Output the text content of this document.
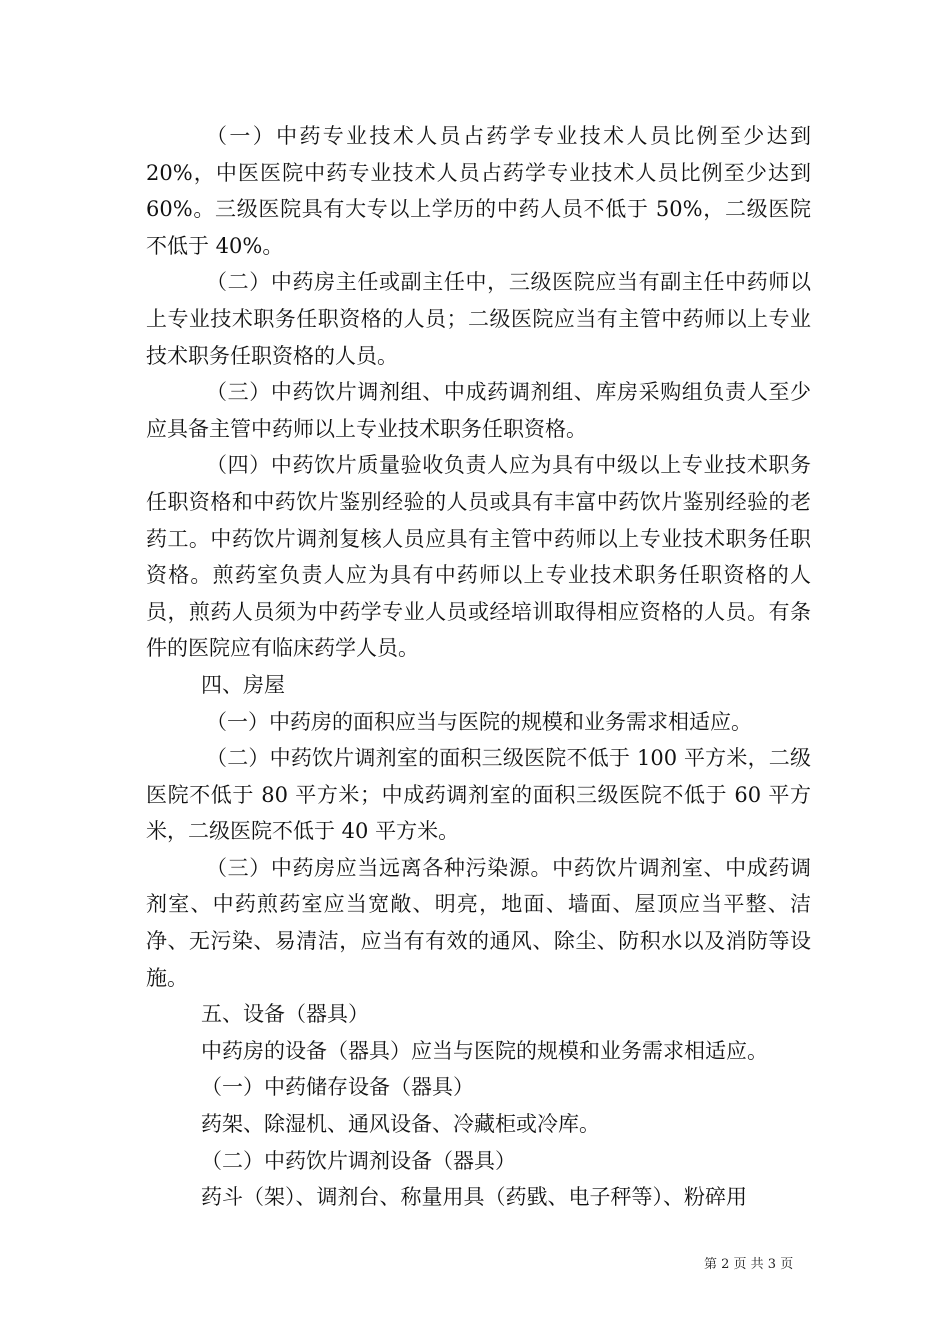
（一）中药专业技术人员占药学专业技术人员比例至少达到20%，中医医院中药专业技术人员占药学专业技术人员比例至少达到60%。三级医院具有大专以上学历的中药人员不低于 50%，二级医院不低于 40%。

（二）中药房主任或副主任中，三级医院应当有副主任中药师以上专业技术职务任职资格的人员；二级医院应当有主管中药师以上专业技术职务任职资格的人员。

（三）中药饮片调剂组、中成药调剂组、库房采购组负责人至少应具备主管中药师以上专业技术职务任职资格。

（四）中药饮片质量验收负责人应为具有中级以上专业技术职务任职资格和中药饮片鉴别经验的人员或具有丰富中药饮片鉴别经验的老药工。中药饮片调剂复核人员应具有主管中药师以上专业技术职务任职资格。煎药室负责人应为具有中药师以上专业技术职务任职资格的人员，煎药人员须为中药学专业人员或经培训取得相应资格的人员。有条件的医院应有临床药学人员。

四、房屋

（一）中药房的面积应当与医院的规模和业务需求相适应。

（二）中药饮片调剂室的面积三级医院不低于 100 平方米，二级医院不低于 80 平方米；中成药调剂室的面积三级医院不低于 60 平方米，二级医院不低于 40 平方米。

（三）中药房应当远离各种污染源。中药饮片调剂室、中成药调剂室、中药煎药室应当宽敞、明亮，地面、墙面、屋顶应当平整、洁净、无污染、易清洁，应当有有效的通风、除尘、防积水以及消防等设施。

五、设备（器具）

中药房的设备（器具）应当与医院的规模和业务需求相适应。

（一）中药储存设备（器具）

药架、除湿机、通风设备、冷藏柜或冷库。

（二）中药饮片调剂设备（器具）

药斗（架）、调剂台、称量用具（药戥、电子秤等）、粉碎用

第 2 页 共 3 页
